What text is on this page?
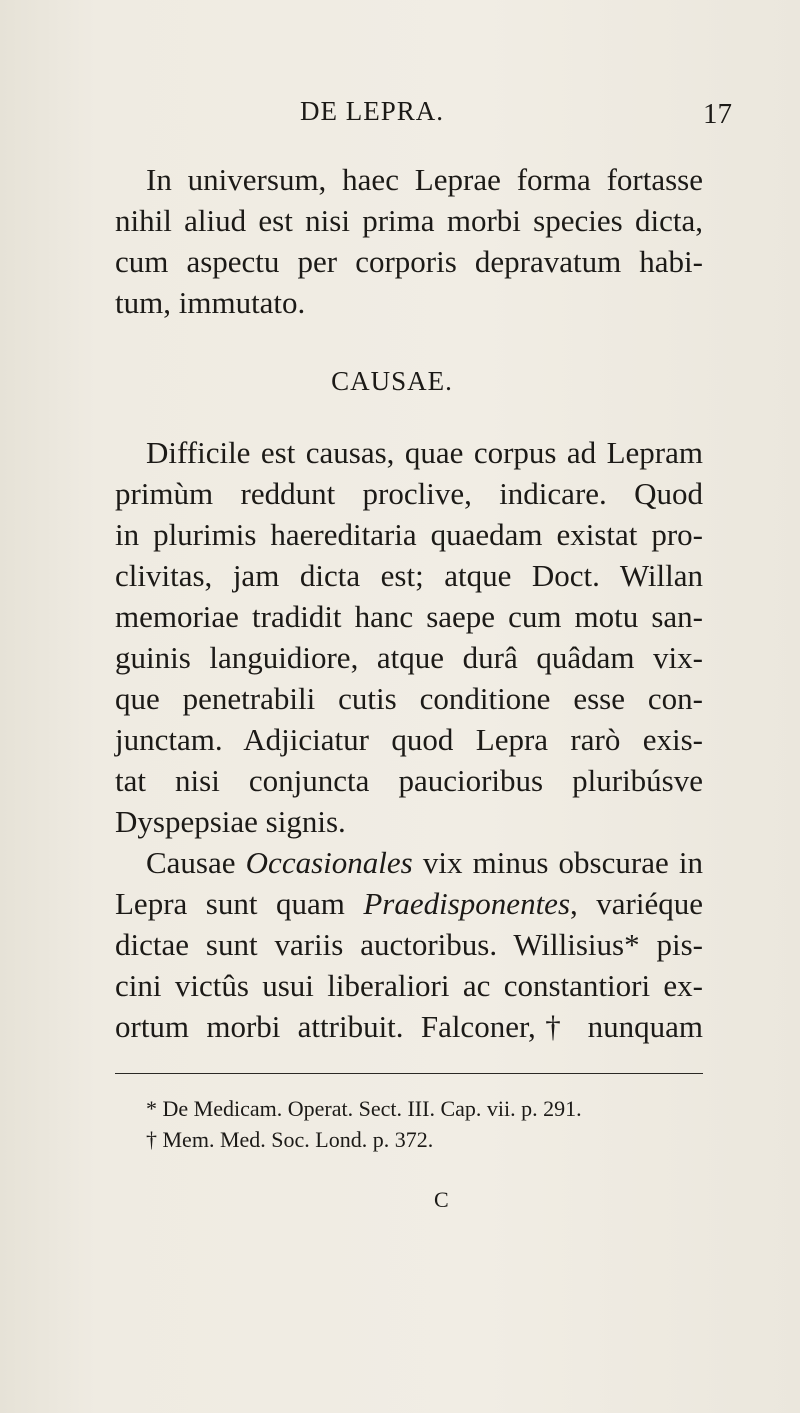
DE LEPRA.	17
In universum, haec Leprae forma fortasse
nihil aliud est nisi prima morbi species dicta,
cum aspectu per corporis depravatum habi-
tum, immutato.
CAUSAE.
Difficile est causas, quae corpus ad Lepram
primùm reddunt proclive, indicare. Quod
in plurimis haereditaria quaedam existat pro-
clivitas, jam dicta est; atque Doct. Willan
memoriae tradidit hanc saepe cum motu san-
guinis languidiore, atque durâ quâdam vix-
que penetrabili cutis conditione esse con-
junctam. Adjiciatur quod Lepra rarò exis-
tat nisi conjuncta paucioribus pluribúsve
Dyspepsiae signis.
Causae Occasionales vix minus obscurae in
Lepra sunt quam Praedisponentes, variéque
dictae sunt variis auctoribus. Willisius* pis-
cini victûs usui liberaliori ac constantiori ex-
ortum morbi attribuit. Falconer,† nunquam
* De Medicam. Operat. Sect. III. Cap. vii. p. 291.
† Mem. Med. Soc. Lond. p. 372.
C
